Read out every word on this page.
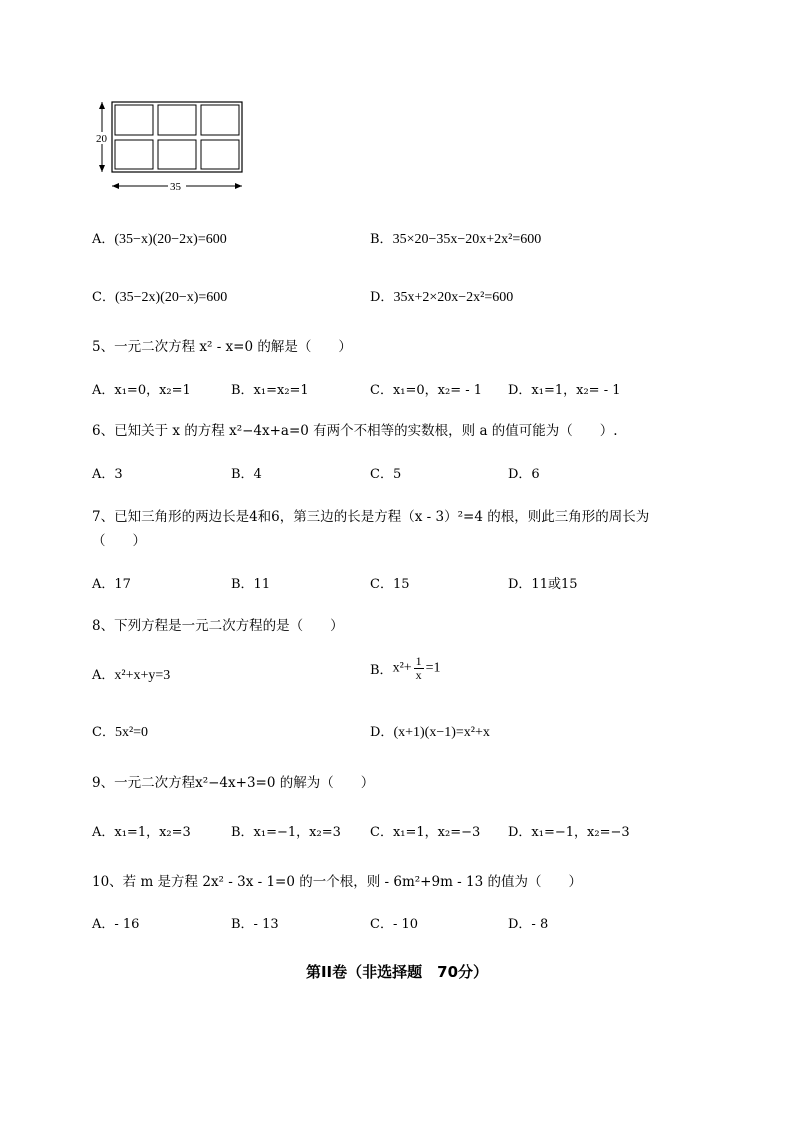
20
35
A．(35−x)(20−2x)=600	B．35×20−35x−20x+2x²=600
C．(35−2x)(20−x)=600	D．35x+2×20x−2x²=600
5、一元二次方程 x² - x=0 的解是（　　）
A．x₁=0，x₂=1	B．x₁=x₂=1	C．x₁=0，x₂= - 1 D．x₁=1，x₂= - 1
6、已知关于 x 的方程 x²−4x+a=0 有两个不相等的实数根，则 a 的值可能为（　　）.
A．3	B．4	C．5	D．6
7、已知三角形的两边长是4和6，第三边的长是方程（x - 3）²=4 的根，则此三角形的周长为
（　　）
A．17	B．11	C．15	D．11或15
8、下列方程是一元二次方程的是（　　）
A．x²+x+y=3	B．$x^2+ \frac{1}{x} =1$
C．5x²=0	D．(x+1)(x−1)=x²+x
9、一元二次方程x²−4x+3=0 的解为（　　）
A．x₁=1，x₂=3	B．x₁=−1，x₂=3 C．x₁=1，x₂=−3 D．x₁=−1，x₂=−3
10、若 m 是方程 2x² - 3x - 1=0 的一个根，则 - 6m²+9m - 13 的值为（　　）
A．- 16	B．- 13	C．- 10	D．- 8
第II卷（非选择题　70分）
